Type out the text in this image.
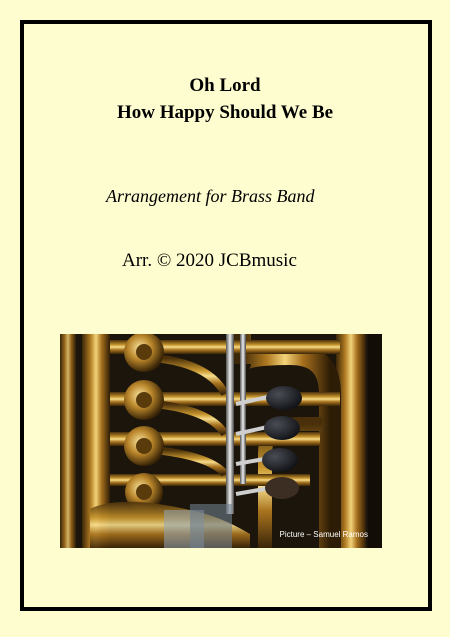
Oh Lord
How Happy Should We Be
Arrangement for Brass Band
Arr. © 2020 JCBmusic
Picture – Samuel Ramos
